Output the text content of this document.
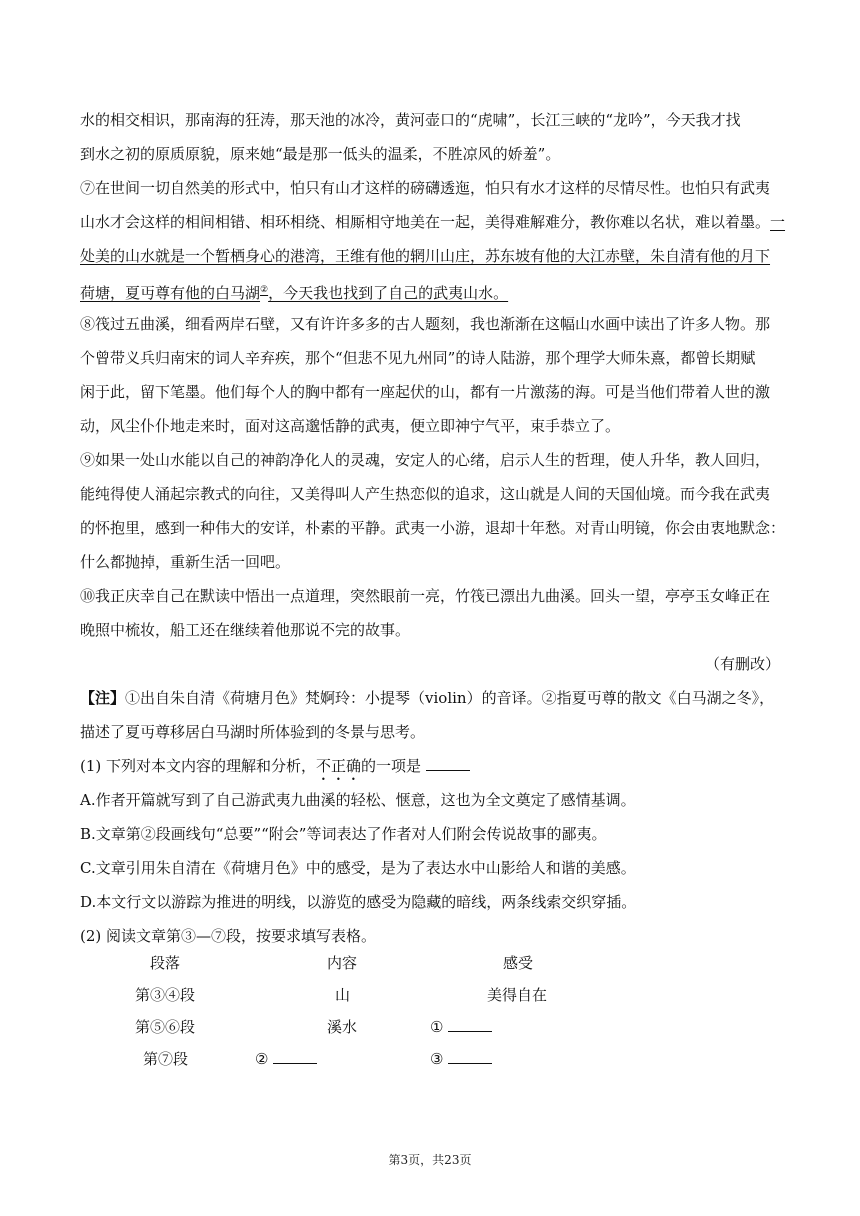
水的相交相识，那南海的狂涛，那天池的冰冷，黄河壶口的“虎啸”，长江三峡的“龙吟”，今天我才找
到水之初的原质原貌，原来她“最是那一低头的温柔，不胜凉风的娇羞”。
⑦在世间一切自然美的形式中，怕只有山才这样的磅礴透迤，怕只有水才这样的尽情尽性。也怕只有武夷
山水才会这样的相间相错、相环相绕、相厮相守地美在一起，美得难解难分，教你难以名状，难以着墨。一
处美的山水就是一个暂栖身心的港湾，王维有他的辋川山庄，苏东坡有他的大江赤壁，朱自清有他的月下
荷塘，夏丏尊有他的白马湖②，今天我也找到了自己的武夷山水。
⑧筏过五曲溪，细看两岸石壁，又有许许多多的古人题刻，我也渐渐在这幅山水画中读出了许多人物。那
个曾带义兵归南宋的词人辛弃疾，那个“但悲不见九州同”的诗人陆游，那个理学大师朱熹，都曾长期赋
闲于此，留下笔墨。他们每个人的胸中都有一座起伏的山，都有一片激荡的海。可是当他们带着人世的激
动，风尘仆仆地走来时，面对这高邈恬静的武夷，便立即神宁气平，束手恭立了。
⑨如果一处山水能以自己的神韵净化人的灵魂，安定人的心绪，启示人生的哲理，使人升华，教人回归，
能纯得使人涌起宗教式的向往，又美得叫人产生热恋似的追求，这山就是人间的天国仙境。而今我在武夷
的怀抱里，感到一种伟大的安详，朴素的平静。武夷一小游，退却十年愁。对青山明镜，你会由衷地默念：
什么都抛掉，重新生活一回吧。
⑩我正庆幸自己在默读中悟出一点道理，突然眼前一亮，竹筏已漂出九曲溪。回头一望，亭亭玉女峰正在
晚照中梳妆，船工还在继续着他那说不完的故事。
（有删改）
【注】①出自朱自清《荷塘月色》梵婀玲：小提琴（violin）的音译。②指夏丏尊的散文《白马湖之冬》，
描述了夏丏尊移居白马湖时所体验到的冬景与思考。
(1) 下列对本文内容的理解和分析，不正确的一项是
A.作者开篇就写到了自己游武夷九曲溪的轻松、惬意，这也为全文奠定了感情基调。
B.文章第②段画线句“总要”“附会”等词表达了作者对人们附会传说故事的鄙夷。
C.文章引用朱自清在《荷塘月色》中的感受，是为了表达水中山影给人和谐的美感。
D.本文行文以游踪为推进的明线，以游览的感受为隐藏的暗线，两条线索交织穿插。
(2) 阅读文章第③—⑦段，按要求填写表格。
段落	内容	感受
第③④段	山	美得自在
第⑤⑥段	溪水	①
第⑦段	②	③
第3页，共23页
